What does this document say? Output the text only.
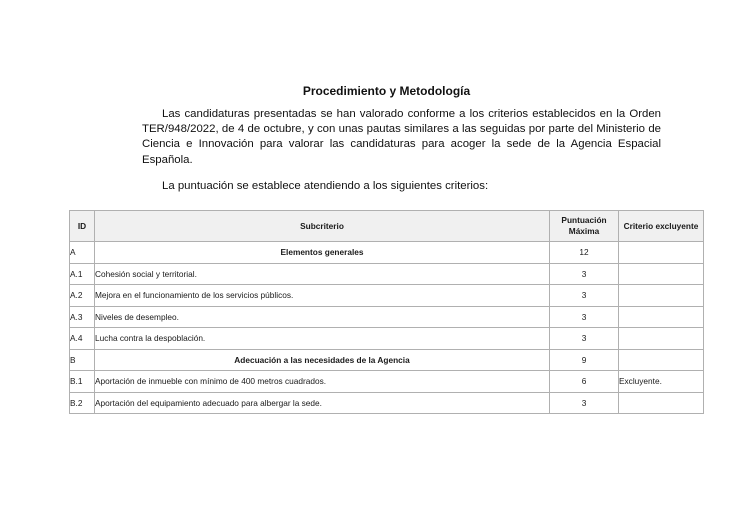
Procedimiento y Metodología

Las candidaturas presentadas se han valorado conforme a los criterios establecidos en la Orden TER/948/2022, de 4 de octubre, y con unas pautas similares a las seguidas por parte del Ministerio de Ciencia e Innovación para valorar las candidaturas para acoger la sede de la Agencia Espacial Española.

La puntuación se establece atendiendo a los siguientes criterios:

ID	Subcriterio	Puntuación Máxima	Criterio excluyente
A	Elementos generales	12	
A.1	Cohesión social y territorial.	3	
A.2	Mejora en el funcionamiento de los servicios públicos.	3	
A.3	Niveles de desempleo.	3	
A.4	Lucha contra la despoblación.	3	
B	Adecuación a las necesidades de la Agencia	9	
B.1	Aportación de inmueble con mínimo de 400 metros cuadrados.	6	Excluyente.
B.2	Aportación del equipamiento adecuado para albergar la sede.	3	
